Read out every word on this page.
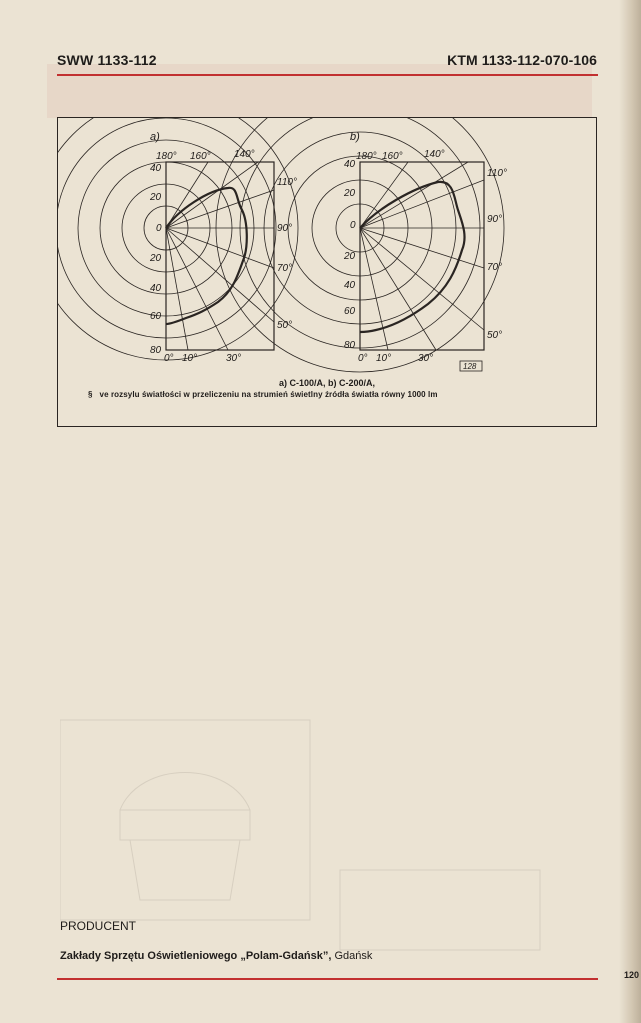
SWW 1133-112	KTM 1133-112-070-106
a)	b)
180° 160° 140°
110°
90°
70°
50°
0° 10°	30°
40
20
0
20
40
60
80
180° 160° 140°
110°
90°
70°
50°
0° 10°	30°
40
20
0
20
40
60
80
128
a) C-100/A, b) C-200/A,
§ ve rozsylu światłości w przeliczeniu na strumień świetlny źródła światła równy 1000 lm
PRODUCENT
Zakłady Sprzętu Oświetleniowego „Polam-Gdańsk”, Gdańsk
120
